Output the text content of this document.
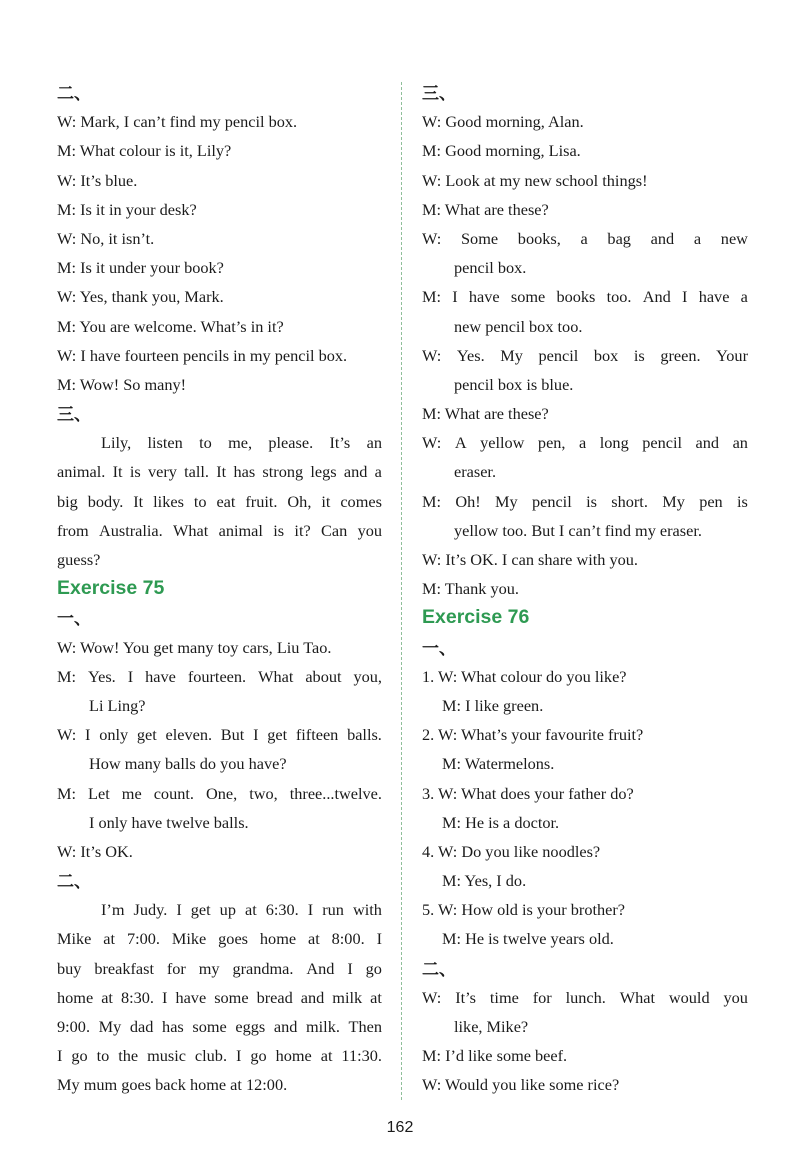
二、
W: Mark, I can’t find my pencil box.
M: What colour is it, Lily?
W: It’s blue.
M: Is it in your desk?
W: No, it isn’t.
M: Is it under your book?
W: Yes, thank you, Mark.
M: You are welcome. What’s in it?
W: I have fourteen pencils in my pencil box.
M: Wow! So many!
三、
Lily, listen to me, please. It’s an
animal. It is very tall. It has strong legs and a
big body. It likes to eat fruit. Oh, it comes
from Australia. What animal is it? Can you
guess?
Exercise 75
一、
W: Wow! You get many toy cars, Liu Tao.
M: Yes. I have fourteen. What about you,
Li Ling?
W: I only get eleven. But I get fifteen balls.
How many balls do you have?
M: Let me count. One, two, three...twelve.
I only have twelve balls.
W: It’s OK.
二、
I’m Judy. I get up at 6:30. I run with
Mike at 7:00. Mike goes home at 8:00. I
buy breakfast for my grandma. And I go
home at 8:30. I have some bread and milk at
9:00. My dad has some eggs and milk. Then
I go to the music club. I go home at 11:30.
My mum goes back home at 12:00.
三、
W: Good morning, Alan.
M: Good morning, Lisa.
W: Look at my new school things!
M: What are these?
W: Some books, a bag and a new
pencil box.
M: I have some books too. And I have a
new pencil box too.
W: Yes. My pencil box is green. Your
pencil box is blue.
M: What are these?
W: A yellow pen, a long pencil and an
eraser.
M: Oh! My pencil is short. My pen is
yellow too. But I can’t find my eraser.
W: It’s OK. I can share with you.
M: Thank you.
Exercise 76
一、
1. W: What colour do you like?
M: I like green.
2. W: What’s your favourite fruit?
M: Watermelons.
3. W: What does your father do?
M: He is a doctor.
4. W: Do you like noodles?
M: Yes, I do.
5. W: How old is your brother?
M: He is twelve years old.
二、
W: It’s time for lunch. What would you
like, Mike?
M: I’d like some beef.
W: Would you like some rice?
162
